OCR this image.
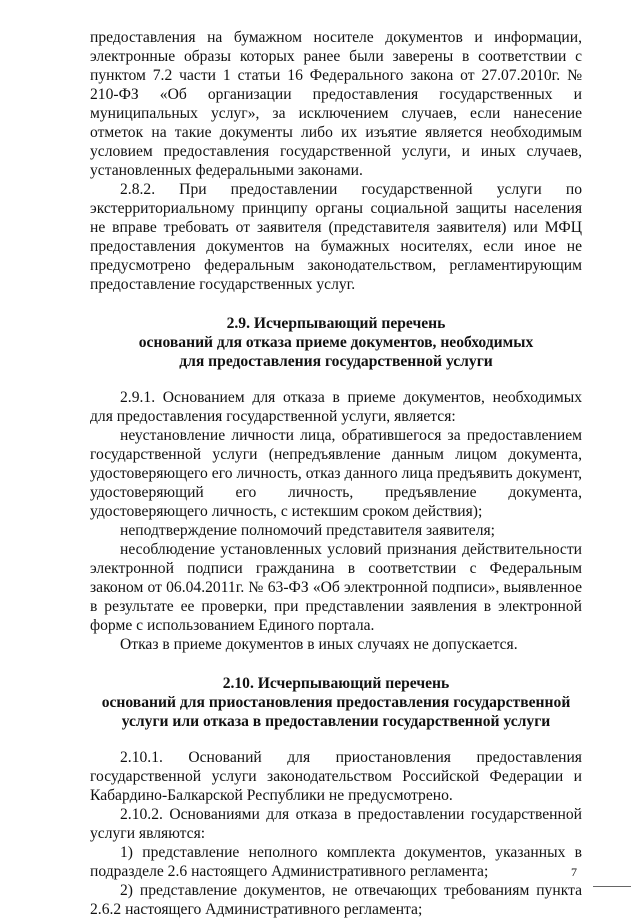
предоставления на бумажном носителе документов и информации, электронные образы которых ранее были заверены в соответствии с пунктом 7.2 части 1 статьи 16 Федерального закона от 27.07.2010г. № 210-ФЗ «Об организации предоставления государственных и муниципальных услуг», за исключением случаев, если нанесение отметок на такие документы либо их изъятие является необходимым условием предоставления государственной услуги, и иных случаев, установленных федеральными законами.

2.8.2. При предоставлении государственной услуги по экстерриториальному принципу органы социальной защиты населения не вправе требовать от заявителя (представителя заявителя) или МФЦ предоставления документов на бумажных носителях, если иное не предусмотрено федеральным законодательством, регламентирующим предоставление государственных услуг.

2.9. Исчерпывающий перечень
оснований для отказа приеме документов, необходимых
для предоставления государственной услуги

2.9.1. Основанием для отказа в приеме документов, необходимых для предоставления государственной услуги, является:

неустановление личности лица, обратившегося за предоставлением государственной услуги (непредъявление данным лицом документа, удостоверяющего его личность, отказ данного лица предъявить документ, удостоверяющий его личность, предъявление документа, удостоверяющего личность, с истекшим сроком действия);

неподтверждение полномочий представителя заявителя;

несоблюдение установленных условий признания действительности электронной подписи гражданина в соответствии с Федеральным законом от 06.04.2011г. № 63-ФЗ «Об электронной подписи», выявленное в результате ее проверки, при представлении заявления в электронной форме с использованием Единого портала.

Отказ в приеме документов в иных случаях не допускается.

2.10. Исчерпывающий перечень
оснований для приостановления предоставления государственной
услуги или отказа в предоставлении государственной услуги

2.10.1. Оснований для приостановления предоставления государственной услуги законодательством Российской Федерации и Кабардино-Балкарской Республики не предусмотрено.

2.10.2. Основаниями для отказа в предоставлении государственной услуги являются:

1) представление неполного комплекта документов, указанных в подразделе 2.6 настоящего Административного регламента;

2) представление документов, не отвечающих требованиям пункта 2.6.2 настоящего Административного регламента;

7
